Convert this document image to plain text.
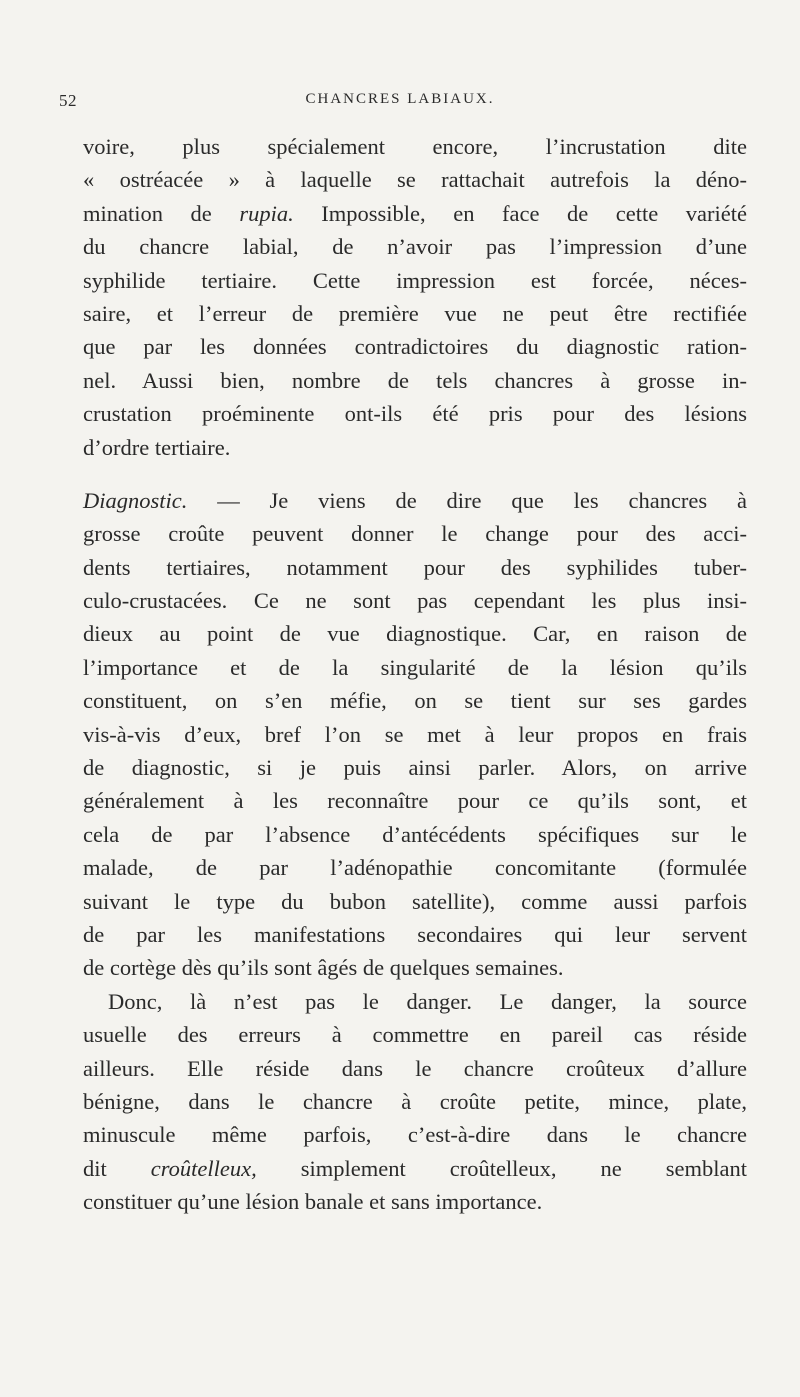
52	CHANCRES LABIAUX.
voire, plus spécialement encore, l’incrustation dite
« ostréacée » à laquelle se rattachait autrefois la déno-
mination de rupia. Impossible, en face de cette variété
du chancre labial, de n’avoir pas l’impression d’une
syphilide tertiaire. Cette impression est forcée, néces-
saire, et l’erreur de première vue ne peut être rectifiée
que par les données contradictoires du diagnostic ration-
nel. Aussi bien, nombre de tels chancres à grosse in-
crustation proéminente ont-ils été pris pour des lésions
d’ordre tertiaire.
Diagnostic. — Je viens de dire que les chancres à
grosse croûte peuvent donner le change pour des acci-
dents tertiaires, notamment pour des syphilides tuber-
culo-crustacées. Ce ne sont pas cependant les plus insi-
dieux au point de vue diagnostique. Car, en raison de
l’importance et de la singularité de la lésion qu’ils
constituent, on s’en méfie, on se tient sur ses gardes
vis-à-vis d’eux, bref l’on se met à leur propos en frais
de diagnostic, si je puis ainsi parler. Alors, on arrive
généralement à les reconnaître pour ce qu’ils sont, et
cela de par l’absence d’antécédents spécifiques sur le
malade, de par l’adénopathie concomitante (formulée
suivant le type du bubon satellite), comme aussi parfois
de par les manifestations secondaires qui leur servent
de cortège dès qu’ils sont âgés de quelques semaines.
Donc, là n’est pas le danger. Le danger, la source
usuelle des erreurs à commettre en pareil cas réside
ailleurs. Elle réside dans le chancre croûteux d’allure
bénigne, dans le chancre à croûte petite, mince, plate,
minuscule même parfois, c’est-à-dire dans le chancre
dit croûtelleux, simplement croûtelleux, ne semblant
constituer qu’une lésion banale et sans importance.
